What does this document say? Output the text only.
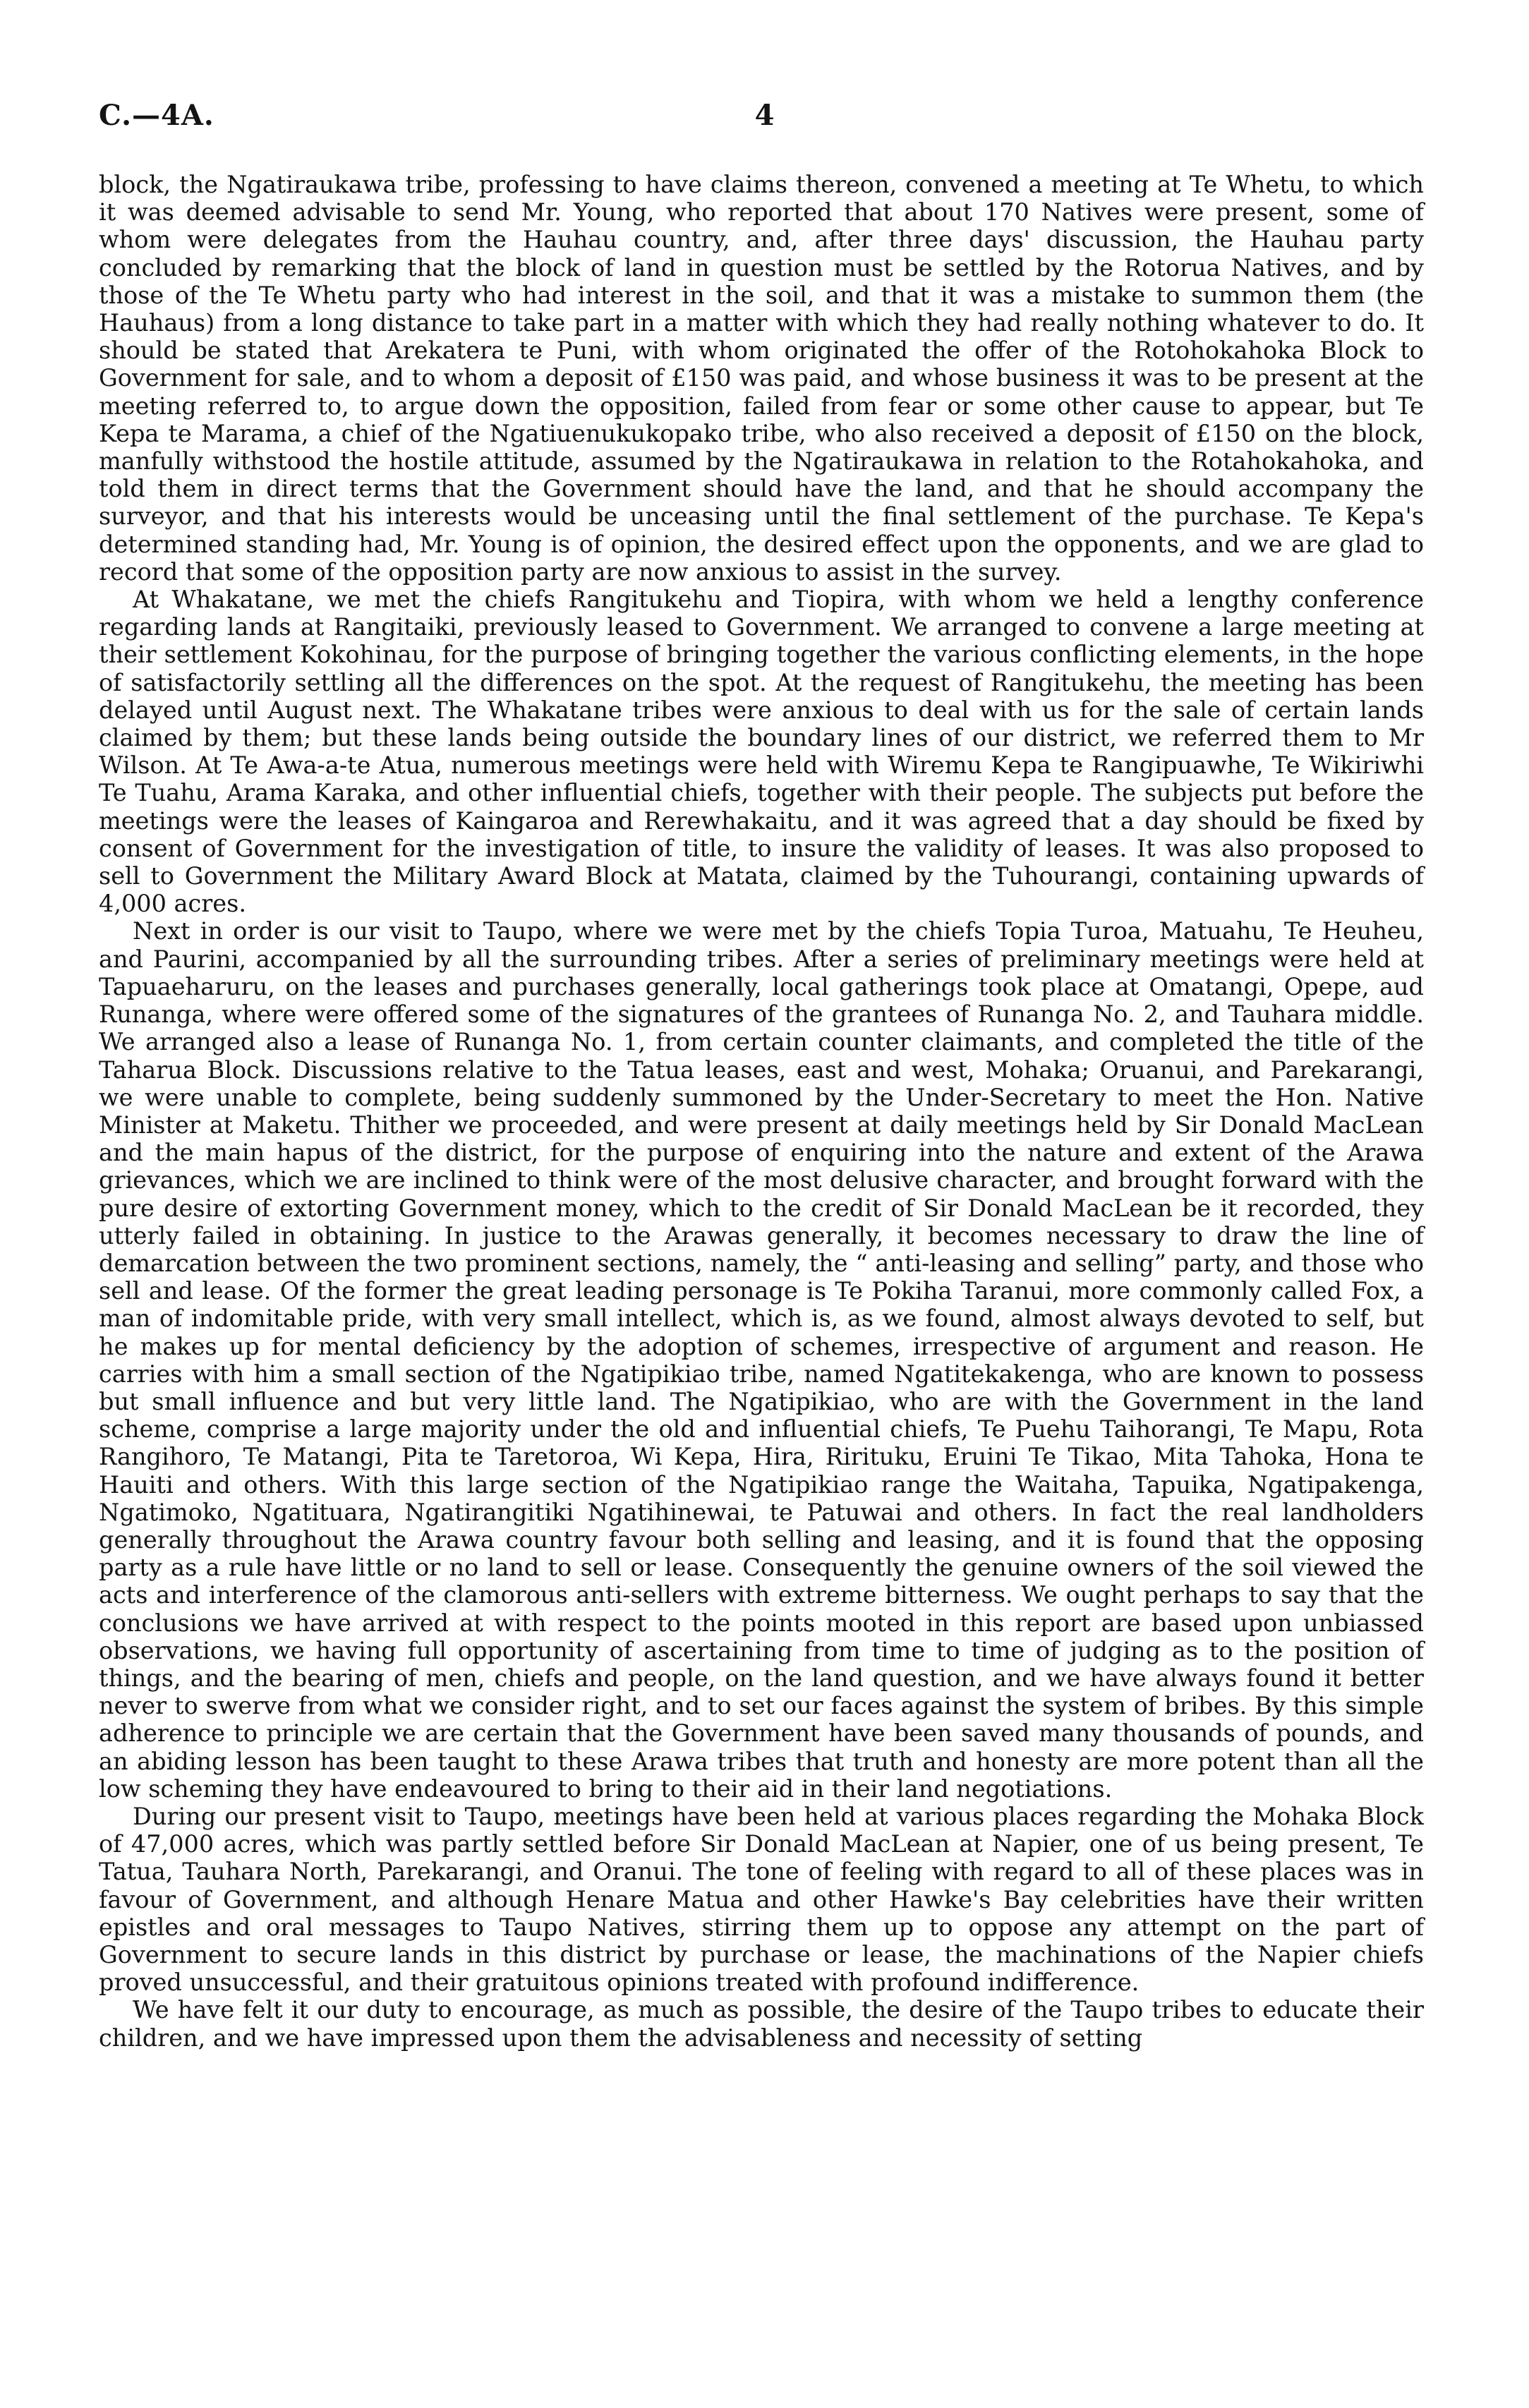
C.—4A.	4

block, the Ngatiraukawa tribe, professing to have claims thereon, convened a meeting at Te Whetu, to which it was deemed advisable to send Mr. Young, who reported that about 170 Natives were present, some of whom were delegates from the Hauhau country, and, after three days' discussion, the Hauhau party concluded by remarking that the block of land in question must be settled by the Rotorua Natives, and by those of the Te Whetu party who had interest in the soil, and that it was a mistake to summon them (the Hauhaus) from a long distance to take part in a matter with which they had really nothing whatever to do. It should be stated that Arekatera te Puni, with whom originated the offer of the Rotohokahoka Block to Government for sale, and to whom a deposit of £150 was paid, and whose business it was to be present at the meeting referred to, to argue down the opposition, failed from fear or some other cause to appear, but Te Kepa te Marama, a chief of the Ngatiuenukukopako tribe, who also received a deposit of £150 on the block, manfully withstood the hostile attitude, assumed by the Ngatiraukawa in relation to the Rotahokahoka, and told them in direct terms that the Government should have the land, and that he should accompany the surveyor, and that his interests would be unceasing until the final settlement of the purchase. Te Kepa's determined standing had, Mr. Young is of opinion, the desired effect upon the opponents, and we are glad to record that some of the opposition party are now anxious to assist in the survey.

At Whakatane, we met the chiefs Rangitukehu and Tiopira, with whom we held a lengthy conference regarding lands at Rangitaiki, previously leased to Government. We arranged to convene a large meeting at their settlement Kokohinau, for the purpose of bringing together the various conflicting elements, in the hope of satisfactorily settling all the differences on the spot. At the request of Rangitukehu, the meeting has been delayed until August next. The Whakatane tribes were anxious to deal with us for the sale of certain lands claimed by them; but these lands being outside the boundary lines of our district, we referred them to Mr Wilson. At Te Awa-a-te Atua, numerous meetings were held with Wiremu Kepa te Rangipuawhe, Te Wikiriwhi Te Tuahu, Arama Karaka, and other influential chiefs, together with their people. The subjects put before the meetings were the leases of Kaingaroa and Rerewhakaitu, and it was agreed that a day should be fixed by consent of Government for the investigation of title, to insure the validity of leases. It was also proposed to sell to Government the Military Award Block at Matata, claimed by the Tuhourangi, containing upwards of 4,000 acres.

Next in order is our visit to Taupo, where we were met by the chiefs Topia Turoa, Matuahu, Te Heuheu, and Paurini, accompanied by all the surrounding tribes. After a series of preliminary meetings were held at Tapuaeharuru, on the leases and purchases generally, local gatherings took place at Omatangi, Opepe, aud Runanga, where were offered some of the signatures of the grantees of Runanga No. 2, and Tauhara middle. We arranged also a lease of Runanga No. 1, from certain counter claimants, and completed the title of the Taharua Block. Discussions relative to the Tatua leases, east and west, Mohaka; Oruanui, and Parekarangi, we were unable to complete, being suddenly summoned by the Under-Secretary to meet the Hon. Native Minister at Maketu. Thither we proceeded, and were present at daily meetings held by Sir Donald MacLean and the main hapus of the district, for the purpose of enquiring into the nature and extent of the Arawa grievances, which we are inclined to think were of the most delusive character, and brought forward with the pure desire of extorting Government money, which to the credit of Sir Donald MacLean be it recorded, they utterly failed in obtaining. In justice to the Arawas generally, it becomes necessary to draw the line of demarcation between the two prominent sections, namely, the “ anti-leasing and selling” party, and those who sell and lease. Of the former the great leading personage is Te Pokiha Taranui, more commonly called Fox, a man of indomitable pride, with very small intellect, which is, as we found, almost always devoted to self, but he makes up for mental deficiency by the adoption of schemes, irrespective of argument and reason. He carries with him a small section of the Ngatipikiao tribe, named Ngatitekakenga, who are known to possess but small influence and but very little land. The Ngatipikiao, who are with the Government in the land scheme, comprise a large majority under the old and influential chiefs, Te Puehu Taihorangi, Te Mapu, Rota Rangihoro, Te Matangi, Pita te Taretoroa, Wi Kepa, Hira, Rirituku, Eruini Te Tikao, Mita Tahoka, Hona te Hauiti and others. With this large section of the Ngatipikiao range the Waitaha, Tapuika, Ngatipakenga, Ngatimoko, Ngatituara, Ngatirangitiki Ngatihinewai, te Patuwai and others. In fact the real landholders generally throughout the Arawa country favour both selling and leasing, and it is found that the opposing party as a rule have little or no land to sell or lease. Consequently the genuine owners of the soil viewed the acts and interference of the clamorous anti-sellers with extreme bitterness. We ought perhaps to say that the conclusions we have arrived at with respect to the points mooted in this report are based upon unbiassed observations, we having full opportunity of ascertaining from time to time of judging as to the position of things, and the bearing of men, chiefs and people, on the land question, and we have always found it better never to swerve from what we consider right, and to set our faces against the system of bribes. By this simple adherence to principle we are certain that the Government have been saved many thousands of pounds, and an abiding lesson has been taught to these Arawa tribes that truth and honesty are more potent than all the low scheming they have endeavoured to bring to their aid in their land negotiations.

During our present visit to Taupo, meetings have been held at various places regarding the Mohaka Block of 47,000 acres, which was partly settled before Sir Donald MacLean at Napier, one of us being present, Te Tatua, Tauhara North, Parekarangi, and Oranui. The tone of feeling with regard to all of these places was in favour of Government, and although Henare Matua and other Hawke's Bay celebrities have their written epistles and oral messages to Taupo Natives, stirring them up to oppose any attempt on the part of Government to secure lands in this district by purchase or lease, the machinations of the Napier chiefs proved unsuccessful, and their gratuitous opinions treated with profound indifference.

We have felt it our duty to encourage, as much as possible, the desire of the Taupo tribes to educate their children, and we have impressed upon them the advisableness and necessity of setting
